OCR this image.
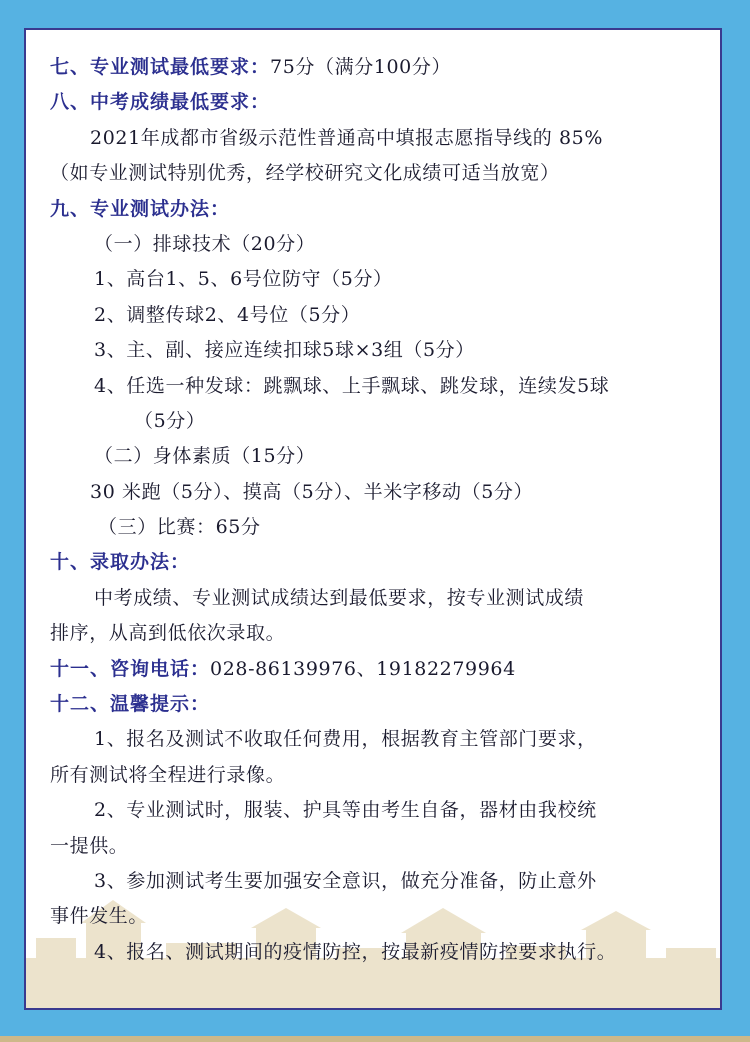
七、专业测试最低要求：75分（满分100分）
八、中考成绩最低要求：
2021年成都市省级示范性普通高中填报志愿指导线的 85%
（如专业测试特别优秀，经学校研究文化成绩可适当放宽）
九、专业测试办法：
（一）排球技术（20分）
1、高台1、5、6号位防守（5分）
2、调整传球2、4号位（5分）
3、主、副、接应连续扣球5球×3组（5分）
4、任选一种发球：跳飘球、上手飘球、跳发球，连续发5球
（5分）
（二）身体素质（15分）
30 米跑（5分）、摸高（5分）、半米字移动（5分）
（三）比赛：65分
十、录取办法：
中考成绩、专业测试成绩达到最低要求，按专业测试成绩
排序，从高到低依次录取。
十一、咨询电话：028-86139976、19182279964
十二、温馨提示：
1、报名及测试不收取任何费用，根据教育主管部门要求，
所有测试将全程进行录像。
2、专业测试时，服装、护具等由考生自备，器材由我校统
一提供。
3、参加测试考生要加强安全意识，做充分准备，防止意外
事件发生。
4、报名、测试期间的疫情防控，按最新疫情防控要求执行。
